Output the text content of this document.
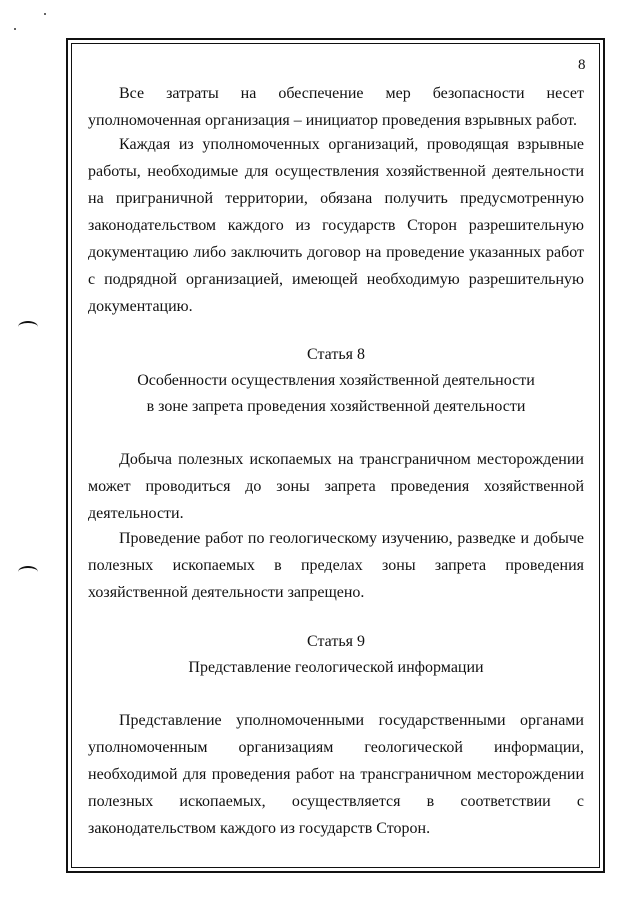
8

Все затраты на обеспечение мер безопасности несет уполномоченная организация – инициатор проведения взрывных работ.

Каждая из уполномоченных организаций, проводящая взрывные работы, необходимые для осуществления хозяйственной деятельности на приграничной территории, обязана получить предусмотренную законодательством каждого из государств Сторон разрешительную документацию либо заключить договор на проведение указанных работ с подрядной организацией, имеющей необходимую разрешительную документацию.

Статья 8
Особенности осуществления хозяйственной деятельности
в зоне запрета проведения хозяйственной деятельности

Добыча полезных ископаемых на трансграничном месторождении может проводиться до зоны запрета проведения хозяйственной деятельности.

Проведение работ по геологическому изучению, разведке и добыче полезных ископаемых в пределах зоны запрета проведения хозяйственной деятельности запрещено.

Статья 9
Представление геологической информации

Представление уполномоченными государственными органами уполномоченным организациям геологической информации, необходимой для проведения работ на трансграничном месторождении полезных ископаемых, осуществляется в соответствии с законодательством каждого из государств Сторон.
